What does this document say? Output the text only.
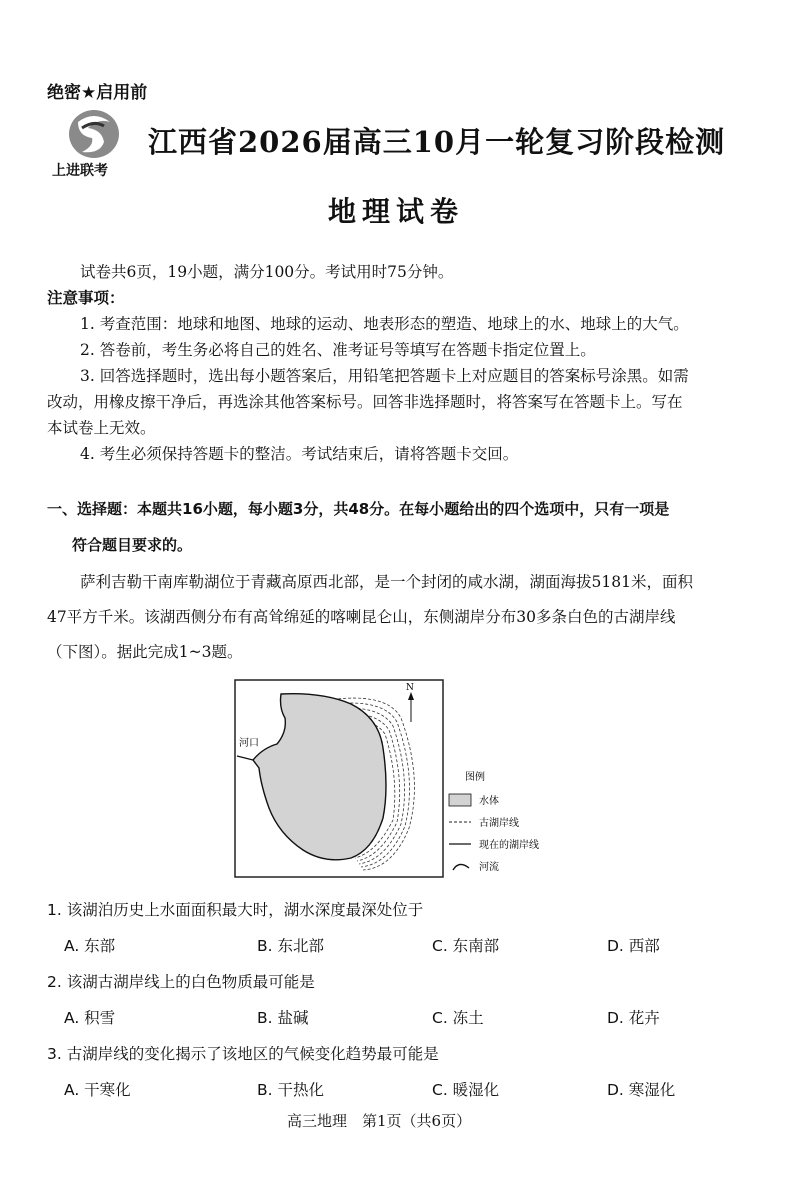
绝密★启用前
上进联考
江西省2026届高三10月一轮复习阶段检测
地理试卷
试卷共6页，19小题，满分100分。考试用时75分钟。
注意事项：
1. 考查范围：地球和地图、地球的运动、地表形态的塑造、地球上的水、地球上的大气。
2. 答卷前，考生务必将自己的姓名、准考证号等填写在答题卡指定位置上。
3. 回答选择题时，选出每小题答案后，用铅笔把答题卡上对应题目的答案标号涂黑。如需
改动，用橡皮擦干净后，再选涂其他答案标号。回答非选择题时，将答案写在答题卡上。写在
本试卷上无效。
4. 考生必须保持答题卡的整洁。考试结束后，请将答题卡交回。
一、选择题：本题共16小题，每小题3分，共48分。在每小题给出的四个选项中，只有一项是
符合题目要求的。
萨利吉勒干南库勒湖位于青藏高原西北部，是一个封闭的咸水湖，湖面海拔5181米，面积
47平方千米。该湖西侧分布有高耸绵延的喀喇昆仑山，东侧湖岸分布30多条白色的古湖岸线
（下图）。据此完成1~3题。
N
河口
图例
水体
古湖岸线
现在的湖岸线
河流
1. 该湖泊历史上水面面积最大时，湖水深度最深处位于
A. 东部	B. 东北部	C. 东南部	D. 西部
2. 该湖古湖岸线上的白色物质最可能是
A. 积雪	B. 盐碱	C. 冻土	D. 花卉
3. 古湖岸线的变化揭示了该地区的气候变化趋势最可能是
A. 干寒化	B. 干热化	C. 暖湿化	D. 寒湿化
高三地理　第1页（共6页）
